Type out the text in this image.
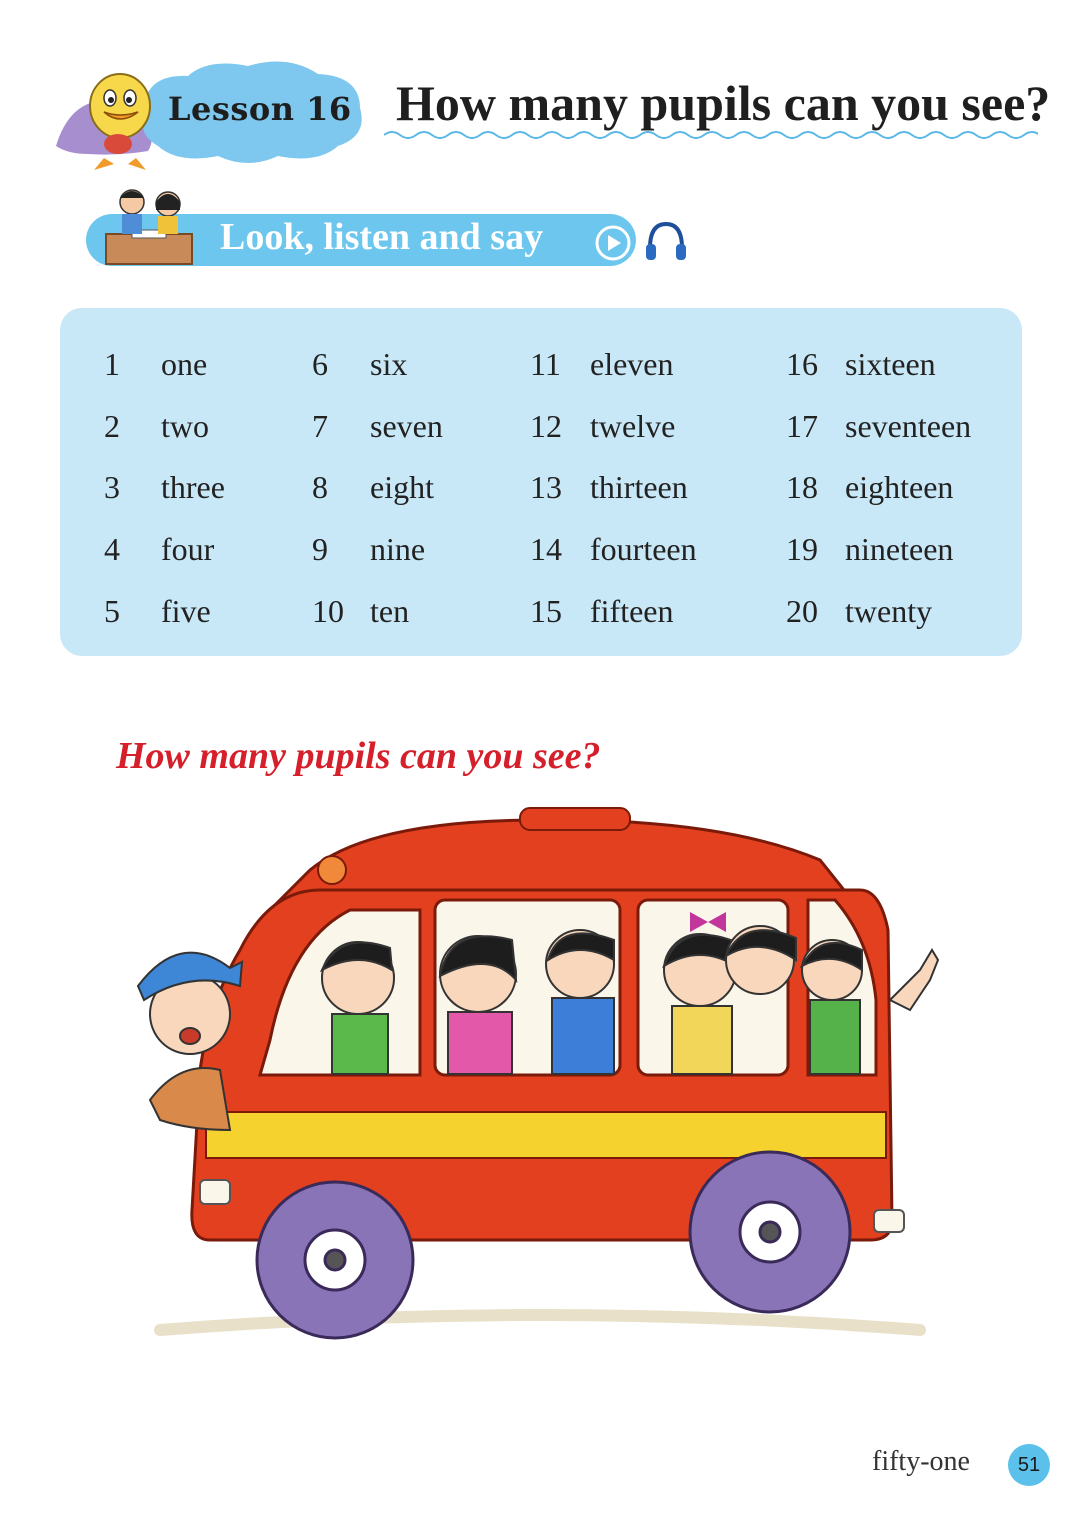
Lesson 16 How many pupils can you see?
Look, listen and say
1 one
2 two
3 three
4 four
5 five
6 six
7 seven
8 eight
9 nine
10 ten
11 eleven
12 twelve
13 thirteen
14 fourteen
15 fifteen
16 sixteen
17 seventeen
18 eighteen
19 nineteen
20 twenty
How many pupils can you see?
fifty-one	51
